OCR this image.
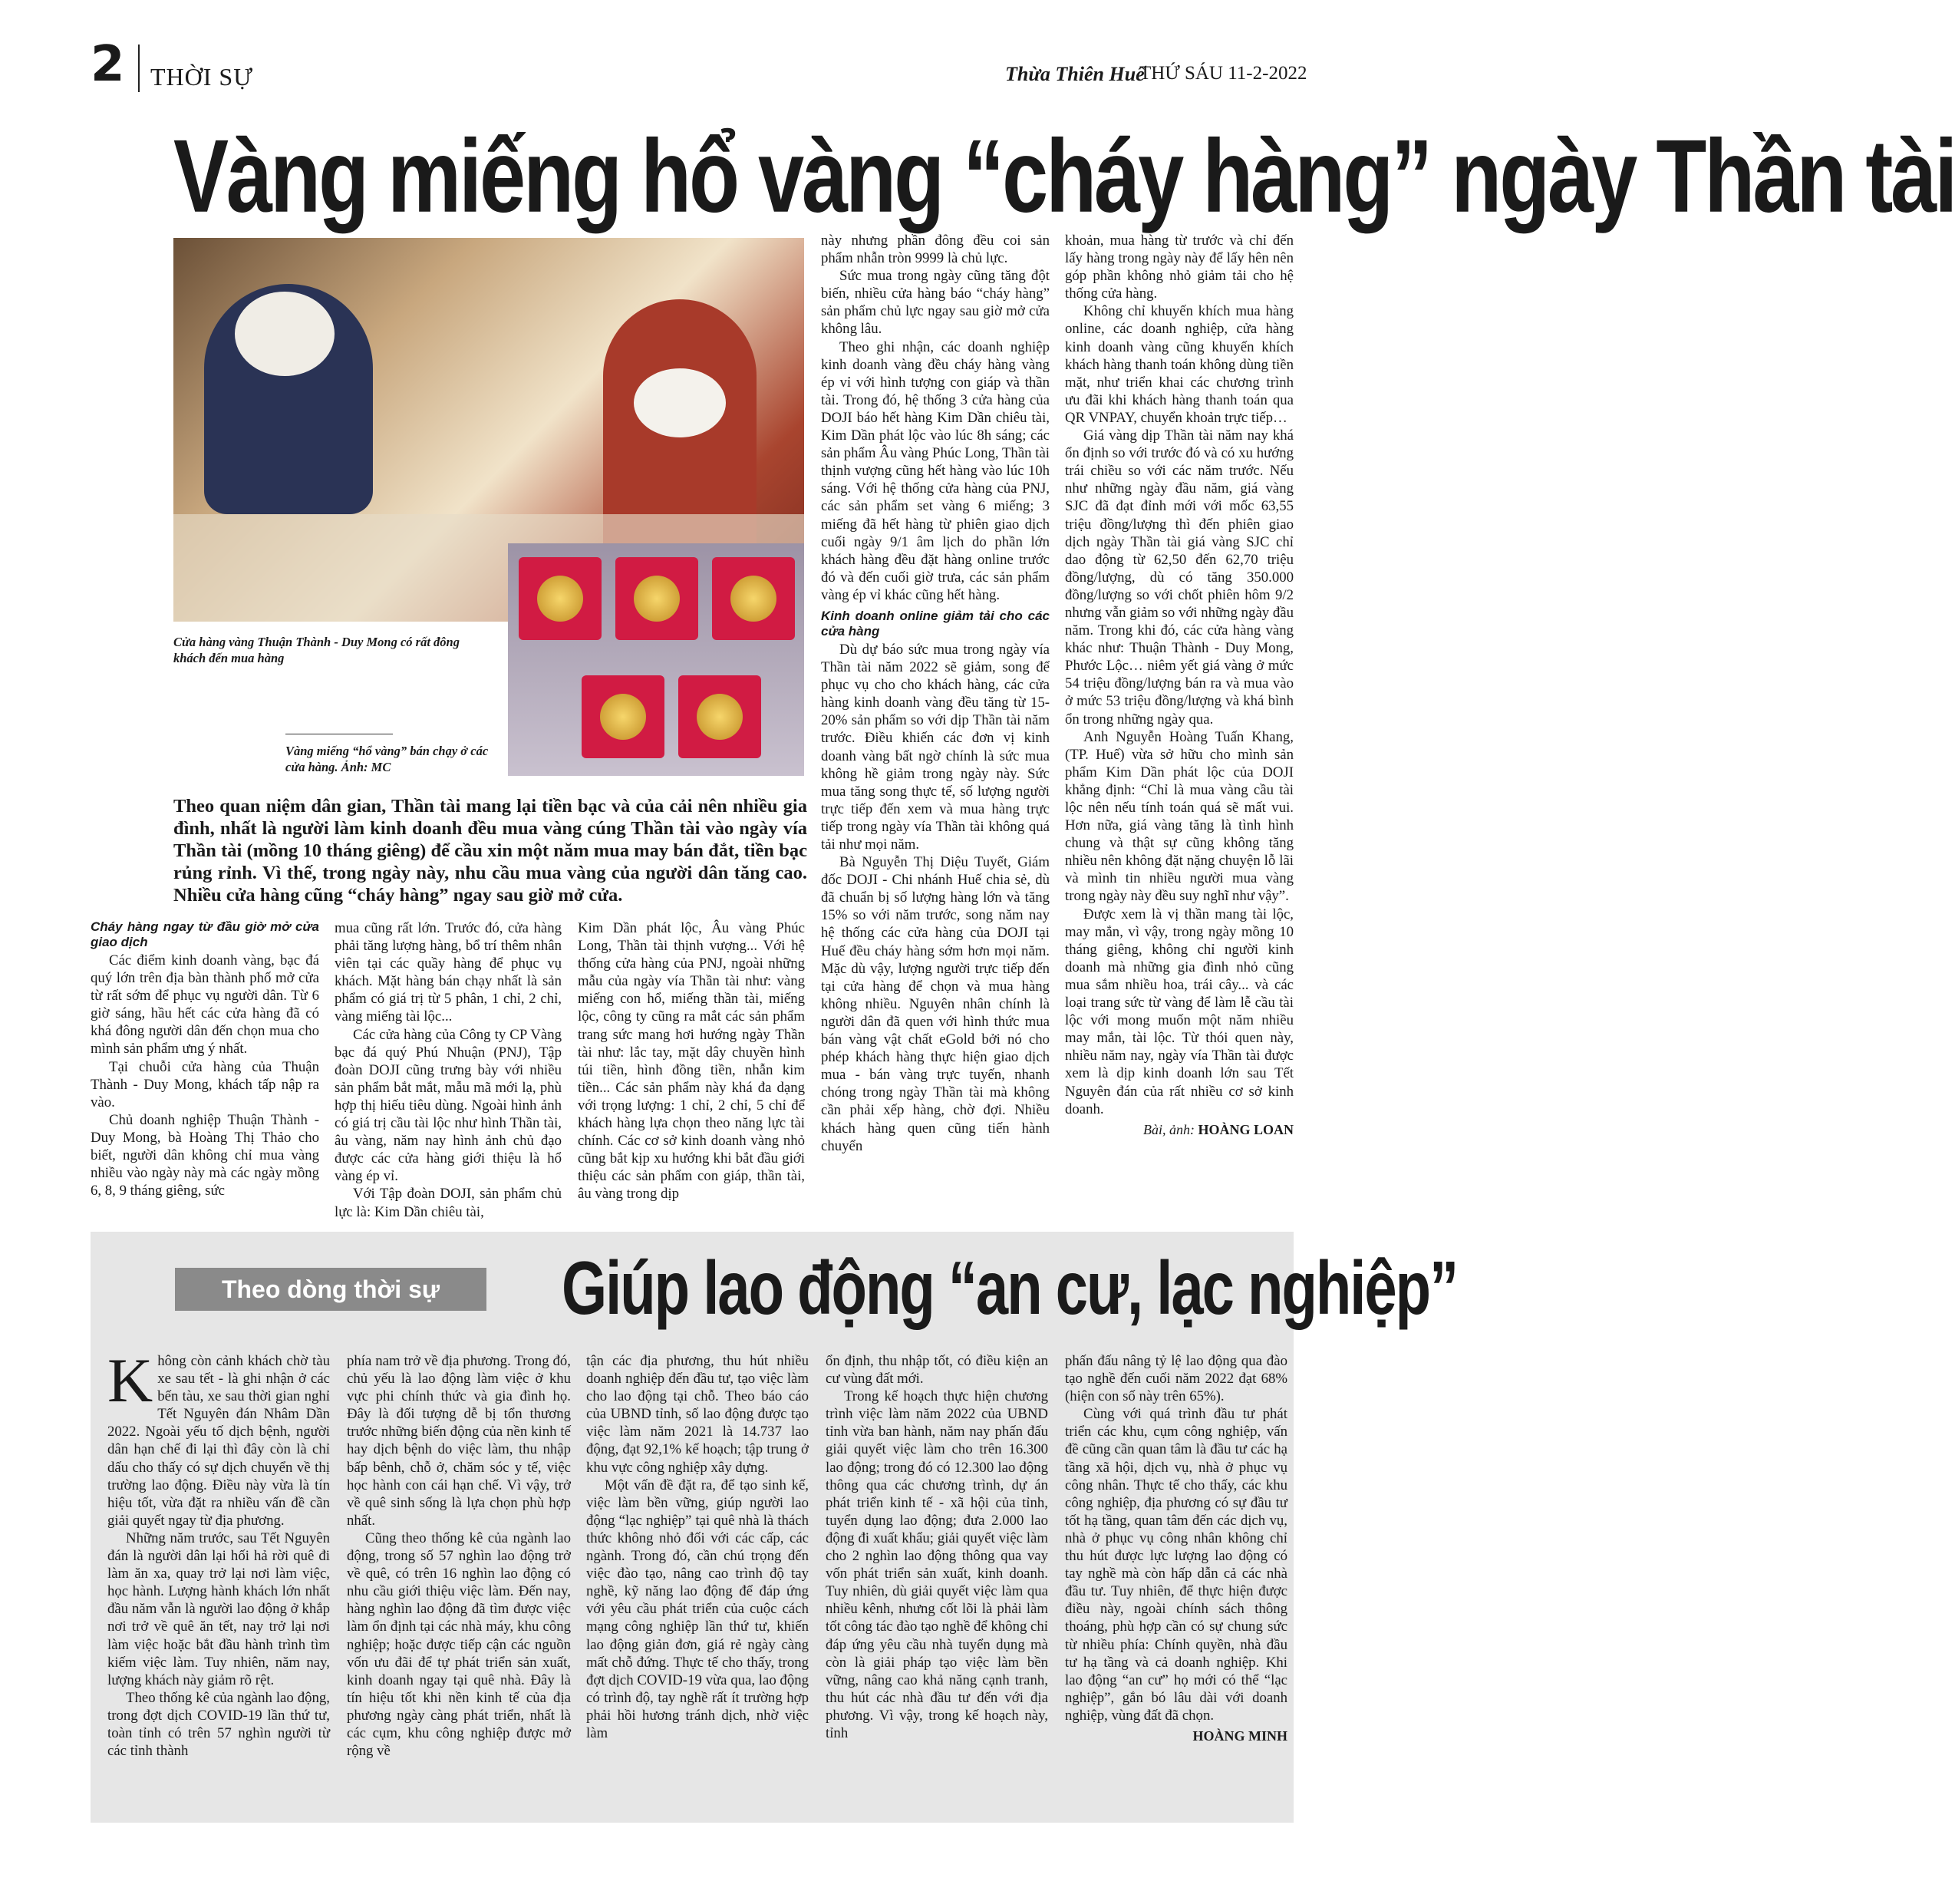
2 THỜI SỰ	Thừa Thiên Huế
THỨ SÁU 11-2-2022
Vàng miếng hổ vàng “cháy hàng” ngày Thần tài
Cửa hàng vàng Thuận Thành - Duy Mong có rất đông khách đến mua hàng
Vàng miếng “hổ vàng” bán chạy ở các cửa hàng. Ảnh: MC
Theo quan niệm dân gian, Thần tài mang lại tiền bạc và của cải nên nhiều gia đình, nhất là người làm kinh doanh đều mua vàng cúng Thần tài vào ngày vía Thần tài (mồng 10 tháng giêng) để cầu xin một năm mua may bán đắt, tiền bạc rủng rỉnh. Vì thế, trong ngày này, nhu cầu mua vàng của người dân tăng cao. Nhiều cửa hàng cũng “cháy hàng” ngay sau giờ mở cửa.
Cháy hàng ngay từ đầu giờ mở cửa giao dịch

Các điểm kinh doanh vàng, bạc đá quý lớn trên địa bàn thành phố mở cửa từ rất sớm để phục vụ người dân. Từ 6 giờ sáng, hầu hết các cửa hàng đã có khá đông người dân đến chọn mua cho mình sản phẩm ưng ý nhất.

Tại chuỗi cửa hàng của Thuận Thành - Duy Mong, khách tấp nập ra vào.

Chủ doanh nghiệp Thuận Thành - Duy Mong, bà Hoàng Thị Thảo cho biết, người dân không chỉ mua vàng nhiều vào ngày này mà các ngày mồng 6, 8, 9 tháng giêng, sức

mua cũng rất lớn. Trước đó, cửa hàng phải tăng lượng hàng, bổ trí thêm nhân viên tại các quầy hàng để phục vụ khách. Mặt hàng bán chạy nhất là sản phẩm có giá trị từ 5 phân, 1 chỉ, 2 chỉ, vàng miếng tài lộc...

Các cửa hàng của Công ty CP Vàng bạc đá quý Phú Nhuận (PNJ), Tập đoàn DOJI cũng trưng bày với nhiều sản phẩm bắt mắt, mẫu mã mới lạ, phù hợp thị hiếu tiêu dùng. Ngoài hình ảnh có giá trị cầu tài lộc như hình Thần tài, âu vàng, năm nay hình ảnh chủ đạo được các cửa hàng giới thiệu là hổ vàng ép vỉ.

Với Tập đoàn DOJI, sản phẩm chủ lực là: Kim Dần chiêu tài,

Kim Dần phát lộc, Âu vàng Phúc Long, Thần tài thịnh vượng... Với hệ thống cửa hàng của PNJ, ngoài những mẫu của ngày vía Thần tài như: vàng miếng con hổ, miếng thần tài, miếng lộc, công ty cũng ra mắt các sản phẩm trang sức mang hơi hướng ngày Thần tài như: lắc tay, mặt dây chuyền hình túi tiền, hình đồng tiền, nhẫn kim tiền... Các sản phẩm này khá đa dạng với trọng lượng: 1 chỉ, 2 chỉ, 5 chỉ để khách hàng lựa chọn theo năng lực tài chính. Các cơ sở kinh doanh vàng nhỏ cũng bắt kịp xu hướng khi bắt đầu giới thiệu các sản phẩm con giáp, thần tài, âu vàng trong dịp

này nhưng phần đông đều coi sản phẩm nhẫn tròn 9999 là chủ lực.

Sức mua trong ngày cũng tăng đột biến, nhiều cửa hàng báo “cháy hàng” sản phẩm chủ lực ngay sau giờ mở cửa không lâu.

Theo ghi nhận, các doanh nghiệp kinh doanh vàng đều cháy hàng vàng ép vỉ với hình tượng con giáp và thần tài. Trong đó, hệ thống 3 cửa hàng của DOJI báo hết hàng Kim Dần chiêu tài, Kim Dần phát lộc vào lúc 8h sáng; các sản phẩm Âu vàng Phúc Long, Thần tài thịnh vượng cũng hết hàng vào lúc 10h sáng. Với hệ thống cửa hàng của PNJ, các sản phẩm set vàng 6 miếng; 3 miếng đã hết hàng từ phiên giao dịch cuối ngày 9/1 âm lịch do phần lớn khách hàng đều đặt hàng online trước đó và đến cuối giờ trưa, các sản phẩm vàng ép vỉ khác cũng hết hàng.

Kinh doanh online giảm tải cho các cửa hàng

Dù dự báo sức mua trong ngày vía Thần tài năm 2022 sẽ giảm, song để phục vụ cho cho khách hàng, các cửa hàng kinh doanh vàng đều tăng từ 15-20% sản phẩm so với dịp Thần tài năm trước. Điều khiến các đơn vị kinh doanh vàng bất ngờ chính là sức mua không hề giảm trong ngày này. Sức mua tăng song thực tế, số lượng người trực tiếp đến xem và mua hàng trực tiếp trong ngày vía Thần tài không quá tải như mọi năm.

Bà Nguyễn Thị Diệu Tuyết, Giám đốc DOJI - Chi nhánh Huế chia sẻ, dù đã chuẩn bị số lượng hàng lớn và tăng 15% so với năm trước, song năm nay hệ thống các cửa hàng của DOJI tại Huế đều cháy hàng sớm hơn mọi năm. Mặc dù vậy, lượng người trực tiếp đến tại cửa hàng để chọn và mua hàng không nhiều. Nguyên nhân chính là người dân đã quen với hình thức mua bán vàng vật chất eGold bởi nó cho phép khách hàng thực hiện giao dịch mua - bán vàng trực tuyến, nhanh chóng trong ngày Thần tài mà không cần phải xếp hàng, chờ đợi. Nhiều khách hàng quen cũng tiến hành chuyển

khoản, mua hàng từ trước và chỉ đến lấy hàng trong ngày này để lấy hên nên góp phần không nhỏ giảm tải cho hệ thống cửa hàng.

Không chỉ khuyến khích mua hàng online, các doanh nghiệp, cửa hàng kinh doanh vàng cũng khuyến khích khách hàng thanh toán không dùng tiền mặt, như triển khai các chương trình ưu đãi khi khách hàng thanh toán qua QR VNPAY, chuyển khoản trực tiếp…

Giá vàng dịp Thần tài năm nay khá ổn định so với trước đó và có xu hướng trái chiều so với các năm trước. Nếu như những ngày đầu năm, giá vàng SJC đã đạt đỉnh mới với mốc 63,55 triệu đồng/lượng thì đến phiên giao dịch ngày Thần tài giá vàng SJC chỉ dao động từ 62,50 đến 62,70 triệu đồng/lượng, dù có tăng 350.000 đồng/lượng so với chốt phiên hôm 9/2 nhưng vẫn giảm so với những ngày đầu năm. Trong khi đó, các cửa hàng vàng khác như: Thuận Thành - Duy Mong, Phước Lộc… niêm yết giá vàng ở mức 54 triệu đồng/lượng bán ra và mua vào ở mức 53 triệu đồng/lượng và khá bình ổn trong những ngày qua.

Anh Nguyễn Hoàng Tuấn Khang, (TP. Huế) vừa sở hữu cho mình sản phẩm Kim Dần phát lộc của DOJI khẳng định: “Chỉ là mua vàng cầu tài lộc nên nếu tính toán quá sẽ mất vui. Hơn nữa, giá vàng tăng là tình hình chung và thật sự cũng không tăng nhiều nên không đặt nặng chuyện lỗ lãi và mình tin nhiều người mua vàng trong ngày này đều suy nghĩ như vậy”.

Được xem là vị thần mang tài lộc, may mắn, vì vậy, trong ngày mồng 10 tháng giêng, không chỉ người kinh doanh mà những gia đình nhỏ cũng mua sắm nhiều hoa, trái cây... và các loại trang sức từ vàng để làm lễ cầu tài lộc với mong muốn một năm nhiều may mắn, tài lộc. Từ thói quen này, nhiều năm nay, ngày vía Thần tài được xem là dịp kinh doanh lớn sau Tết Nguyên đán của rất nhiều cơ sở kinh doanh.

Bài, ảnh: HOÀNG LOAN
Theo dòng thời sự	Giúp lao động “an cư, lạc nghiệp”

Không còn cảnh khách chờ tàu xe sau tết - là ghi nhận ở các bến tàu, xe sau thời gian nghỉ Tết Nguyên đán Nhâm Dần 2022. Ngoài yếu tố dịch bệnh, người dân hạn chế đi lại thì đây còn là chỉ dấu cho thấy có sự dịch chuyển về thị trường lao động. Điều này vừa là tín hiệu tốt, vừa đặt ra nhiều vấn đề cần giải quyết ngay từ địa phương.

Những năm trước, sau Tết Nguyên đán là người dân lại hối hả rời quê đi làm ăn xa, quay trở lại nơi làm việc, học hành. Lượng hành khách lớn nhất đầu năm vẫn là người lao động ở khắp nơi trở về quê ăn tết, nay trở lại nơi làm việc hoặc bắt đầu hành trình tìm kiếm việc làm. Tuy nhiên, năm nay, lượng khách này giảm rõ rệt.

Theo thống kê của ngành lao động, trong đợt dịch COVID-19 lần thứ tư, toàn tỉnh có trên 57 nghìn người từ các tỉnh thành

phía nam trở về địa phương. Trong đó, chủ yếu là lao động làm việc ở khu vực phi chính thức và gia đình họ. Đây là đối tượng dễ bị tổn thương trước những biến động của nền kinh tế hay dịch bệnh do việc làm, thu nhập bấp bênh, chỗ ở, chăm sóc y tế, việc học hành con cái hạn chế. Vì vậy, trở về quê sinh sống là lựa chọn phù hợp nhất.

Cũng theo thống kê của ngành lao động, trong số 57 nghìn lao động trở về quê, có trên 16 nghìn lao động có nhu cầu giới thiệu việc làm. Đến nay, hàng nghìn lao động đã tìm được việc làm ổn định tại các nhà máy, khu công nghiệp; hoặc được tiếp cận các nguồn vốn ưu đãi để tự phát triển sản xuất, kinh doanh ngay tại quê nhà. Đây là tín hiệu tốt khi nền kinh tế của địa phương ngày càng phát triển, nhất là các cụm, khu công nghiệp được mở rộng về

tận các địa phương, thu hút nhiều doanh nghiệp đến đầu tư, tạo việc làm cho lao động tại chỗ. Theo báo cáo của UBND tỉnh, số lao động được tạo việc làm năm 2021 là 14.737 lao động, đạt 92,1% kế hoạch; tập trung ở khu vực công nghiệp xây dựng.

Một vấn đề đặt ra, để tạo sinh kế, việc làm bền vững, giúp người lao động “lạc nghiệp” tại quê nhà là thách thức không nhỏ đối với các cấp, các ngành. Trong đó, cần chú trọng đến việc đào tạo, nâng cao trình độ tay nghề, kỹ năng lao động để đáp ứng với yêu cầu phát triển của cuộc cách mạng công nghiệp lần thứ tư, khiến lao động giản đơn, giá rẻ ngày càng mất chỗ đứng. Thực tế cho thấy, trong đợt dịch COVID-19 vừa qua, lao động có trình độ, tay nghề rất ít trường hợp phải hồi hương tránh dịch, nhờ việc làm

ổn định, thu nhập tốt, có điều kiện an cư vùng đất mới.

Trong kế hoạch thực hiện chương trình việc làm năm 2022 của UBND tỉnh vừa ban hành, năm nay phấn đấu giải quyết việc làm cho trên 16.300 lao động; trong đó có 12.300 lao động thông qua các chương trình, dự án phát triển kinh tế - xã hội của tỉnh, tuyển dụng lao động; đưa 2.000 lao động đi xuất khẩu; giải quyết việc làm cho 2 nghìn lao động thông qua vay vốn phát triển sản xuất, kinh doanh. Tuy nhiên, dù giải quyết việc làm qua nhiều kênh, nhưng cốt lõi là phải làm tốt công tác đào tạo nghề để không chỉ đáp ứng yêu cầu nhà tuyển dụng mà còn là giải pháp tạo việc làm bền vững, nâng cao khả năng cạnh tranh, thu hút các nhà đầu tư đến với địa phương. Vì vậy, trong kế hoạch này, tỉnh

phấn đấu nâng tỷ lệ lao động qua đào tạo nghề đến cuối năm 2022 đạt 68% (hiện con số này trên 65%).

Cùng với quá trình đầu tư phát triển các khu, cụm công nghiệp, vấn đề cũng cần quan tâm là đầu tư các hạ tầng xã hội, dịch vụ, nhà ở phục vụ công nhân. Thực tế cho thấy, các khu công nghiệp, địa phương có sự đầu tư tốt hạ tầng, quan tâm đến các dịch vụ, nhà ở phục vụ công nhân không chỉ thu hút được lực lượng lao động có tay nghề mà còn hấp dẫn cả các nhà đầu tư. Tuy nhiên, để thực hiện được điều này, ngoài chính sách thông thoáng, phù hợp cần có sự chung sức từ nhiều phía: Chính quyền, nhà đầu tư hạ tầng và cả doanh nghiệp. Khi lao động “an cư” họ mới có thể “lạc nghiệp”, gắn bó lâu dài với doanh nghiệp, vùng đất đã chọn.

HOÀNG MINH
